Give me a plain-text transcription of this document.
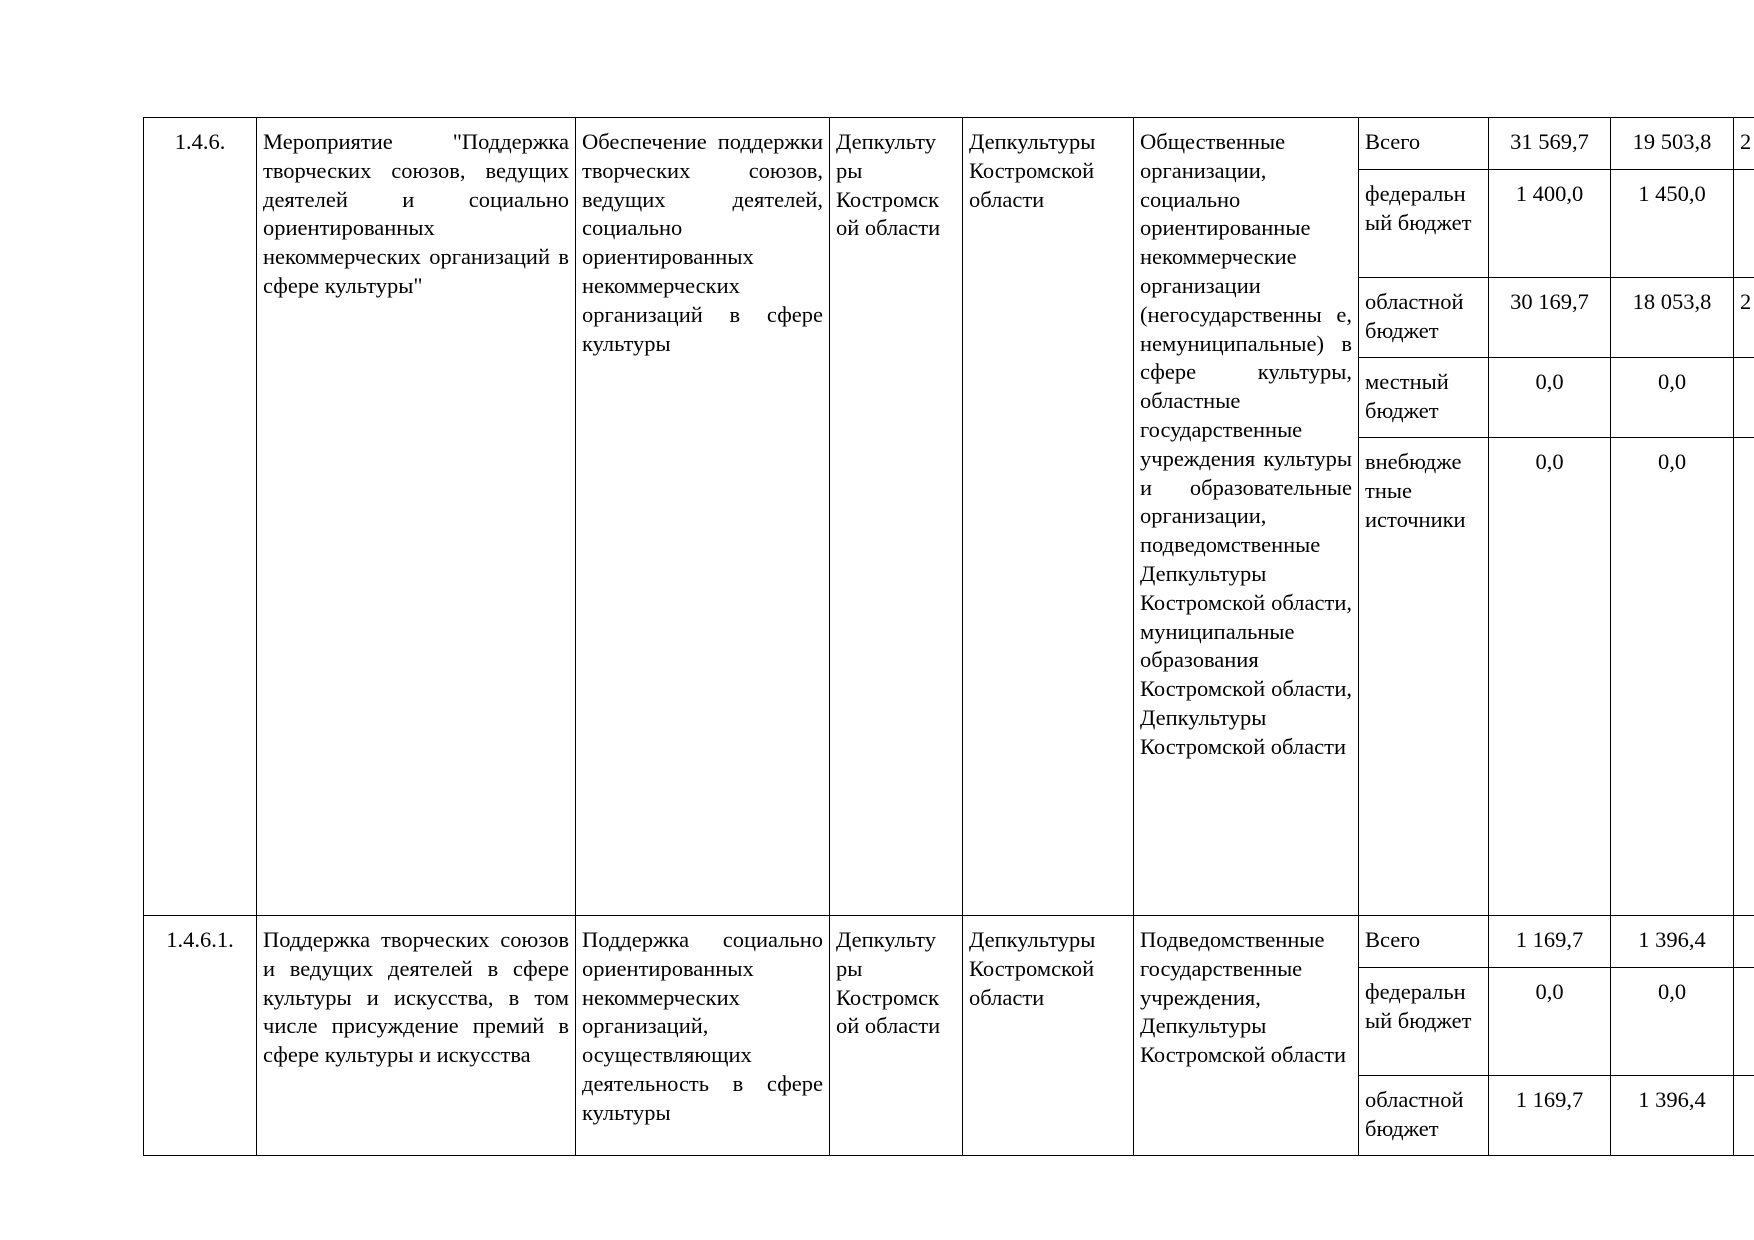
1.4.6.	Мероприятие "Поддержка творческих союзов, ведущих деятелей и социально ориентированных некоммерческих организаций в сфере культуры"	Обеспечение поддержки творческих союзов, ведущих деятелей, социально ориентированных некоммерческих организаций в сфере культуры	Депкульту ры Костромск ой области	Депкультуры Костромской области	Общественные организации, социально ориентированные некоммерческие организации (негосударственны е, немуниципальные) в сфере культуры, областные государственные учреждения культуры и образовательные организации, подведомственные Депкультуры Костромской области, муниципальные образования Костромской области, Депкультуры Костромской области	Всего	31 569,7	19 503,8	2
						федеральн ый бюджет	1 400,0	1 450,0	
						областной бюджет	30 169,7	18 053,8	2
						местный бюджет	0,0	0,0	
						внебюдже тные источники	0,0	0,0	
1.4.6.1.	Поддержка творческих союзов и ведущих деятелей в сфере культуры и искусства, в том числе присуждение премий в сфере культуры и искусства	Поддержка социально ориентированных некоммерческих организаций, осуществляющих деятельность в сфере культуры	Депкульту ры Костромск ой области	Депкультуры Костромской области	Подведомственные государственные учреждения, Депкультуры Костромской области	Всего	1 169,7	1 396,4	
						федеральн ый бюджет	0,0	0,0	
						областной бюджет	1 169,7	1 396,4	
